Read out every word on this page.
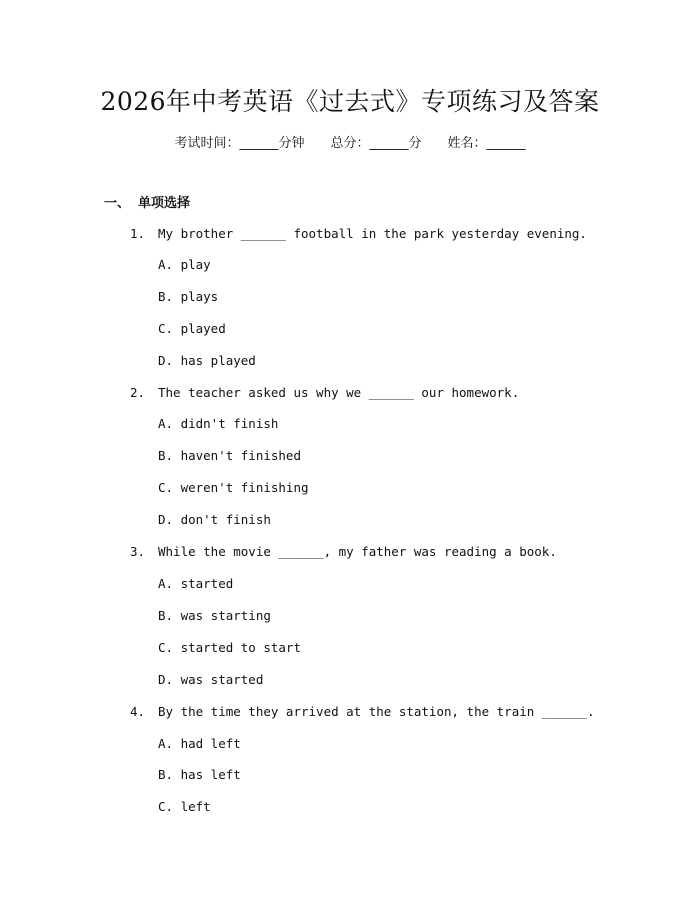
2026年中考英语《过去式》专项练习及答案
考试时间：______分钟 总分：______分 姓名：______
一、 单项选择
1. My brother ______ football in the park yesterday evening.
A. play
B. plays
C. played
D. has played
2. The teacher asked us why we ______ our homework.
A. didn't finish
B. haven't finished
C. weren't finishing
D. don't finish
3. While the movie ______, my father was reading a book.
A. started
B. was starting
C. started to start
D. was started
4. By the time they arrived at the station, the train ______.
A. had left
B. has left
C. left
